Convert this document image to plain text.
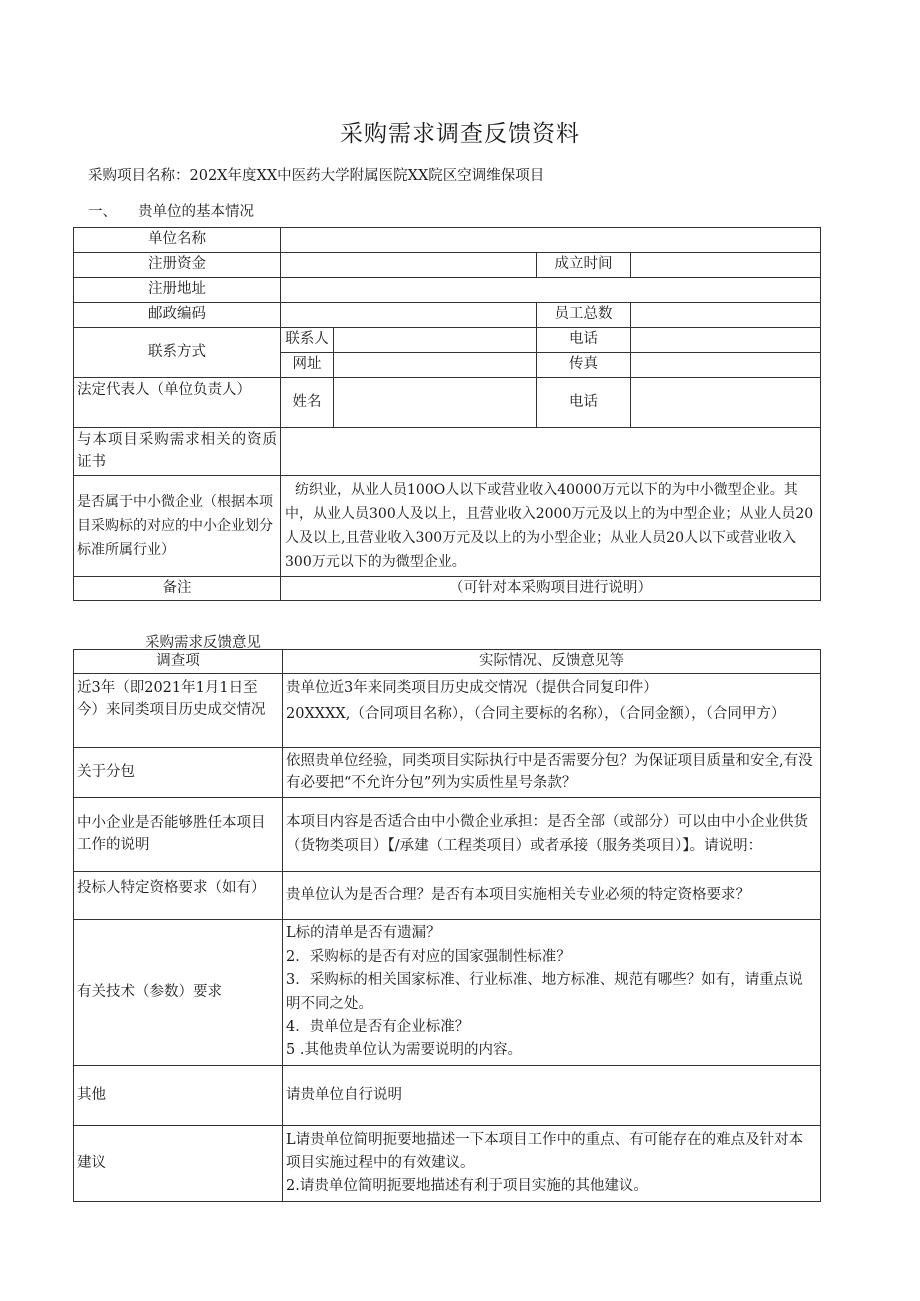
采购需求调查反馈资料
采购项目名称：202X年度XX中医药大学附属医院XX院区空调维保项目
一、 贵单位的基本情况
单位名称				
注册资金			成立时间	
注册地址				
邮政编码			员工总数	
联系方式	联系人		电话	
	网址		传真	
法定代表人（单位负责人）	姓名		电话	
与本项目采购需求相关的资质证书				
是否属于中小微企业（根据本项目采购标的对应的中小企业划分标准所属行业）	纺织业，从业人员100O人以下或营业收入40000万元以下的为中小微型企业。其中，从业人员300人及以上，且营业收入2000万元及以上的为中型企业；从业人员20人及以上,且营业收入300万元及以上的为小型企业；从业人员20人以下或营业收入300万元以下的为微型企业。			
备注	（可针对本采购项目进行说明）			
采购需求反馈意见
调查项	实际情况、反馈意见等
近3年（即2021年1月1日至今）来同类项目历史成交情况	贵单位近3年来同类项目历史成交情况（提供合同复印件）
20XXXX,（合同项目名称），（合同主要标的名称），（合同金额），（合同甲方）

关于分包	依照贵单位经验，同类项目实际执行中是否需要分包？为保证项目质量和安全,有没有必要把“不允许分包”列为实质性星号条款？
中小企业是否能够胜任本项目工作的说明	本项目内容是否适合由中小微企业承担：是否全部（或部分）可以由中小企业供货（货物类项目）【/承建（工程类项目）或者承接（服务类项目）】。请说明：
投标人特定资格要求（如有）	贵单位认为是否合理？是否有本项目实施相关专业必须的特定资格要求？
有关技术（参数）要求	L标的清单是否有遗漏？
2．采购标的是否有对应的国家强制性标准？
3．采购标的相关国家标准、行业标准、地方标准、规范有哪些？如有，请重点说明不同之处。
4．贵单位是否有企业标准？
5 .其他贵单位认为需要说明的内容。

其他	请贵单位自行说明
建议	L请贵单位简明扼要地描述一下本项目工作中的重点、有可能存在的难点及针对本项目实施过程中的有效建议。
2.请贵单位简明扼要地描述有利于项目实施的其他建议。
